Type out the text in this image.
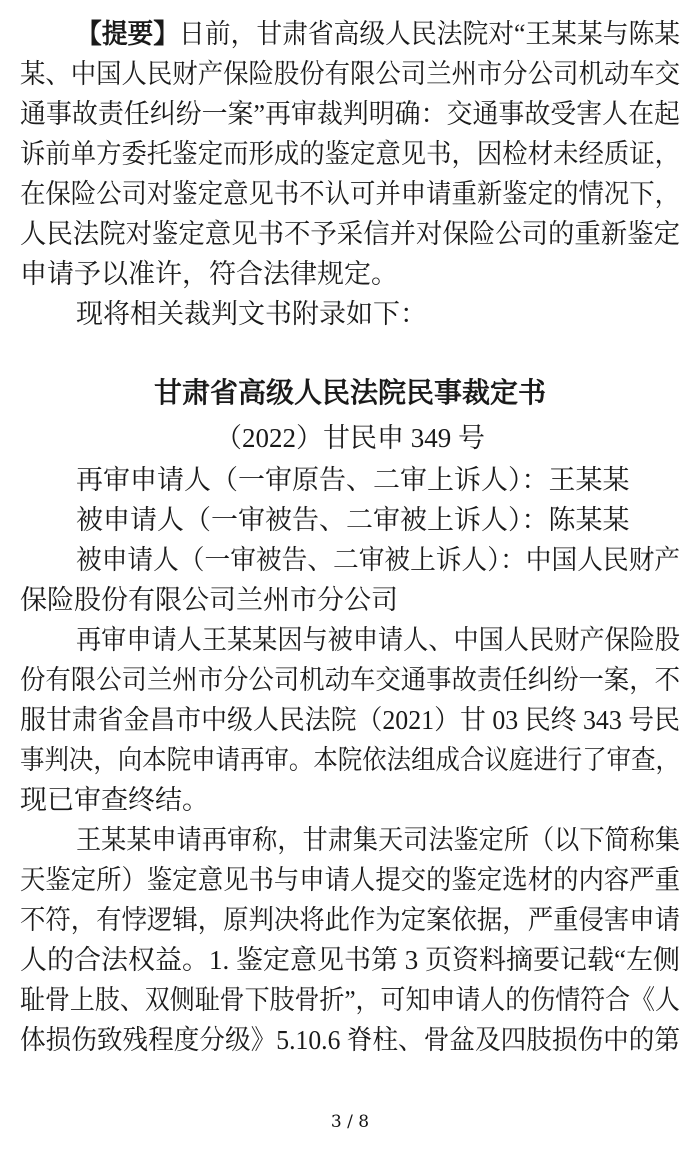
【提要】日前，甘肃省高级人民法院对“王某某与陈某
某、中国人民财产保险股份有限公司兰州市分公司机动车交
通事故责任纠纷一案”再审裁判明确：交通事故受害人在起
诉前单方委托鉴定而形成的鉴定意见书，因检材未经质证，
在保险公司对鉴定意见书不认可并申请重新鉴定的情况下，
人民法院对鉴定意见书不予采信并对保险公司的重新鉴定
申请予以准许，符合法律规定。
现将相关裁判文书附录如下：
甘肃省高级人民法院民事裁定书
（2022）甘民申 349 号
再审申请人（一审原告、二审上诉人）：王某某
被申请人（一审被告、二审被上诉人）：陈某某
被申请人（一审被告、二审被上诉人）：中国人民财产
保险股份有限公司兰州市分公司
再审申请人王某某因与被申请人、中国人民财产保险股
份有限公司兰州市分公司机动车交通事故责任纠纷一案，不
服甘肃省金昌市中级人民法院（2021）甘 03 民终 343 号民
事判决，向本院申请再审。本院依法组成合议庭进行了审查，
现已审查终结。
王某某申请再审称，甘肃集天司法鉴定所（以下简称集
天鉴定所）鉴定意见书与申请人提交的鉴定选材的内容严重
不符，有悖逻辑，原判决将此作为定案依据，严重侵害申请
人的合法权益。1. 鉴定意见书第 3 页资料摘要记载“左侧
耻骨上肢、双侧耻骨下肢骨折”，可知申请人的伤情符合《人
体损伤致残程度分级》5.10.6 脊柱、骨盆及四肢损伤中的第
3 / 8
